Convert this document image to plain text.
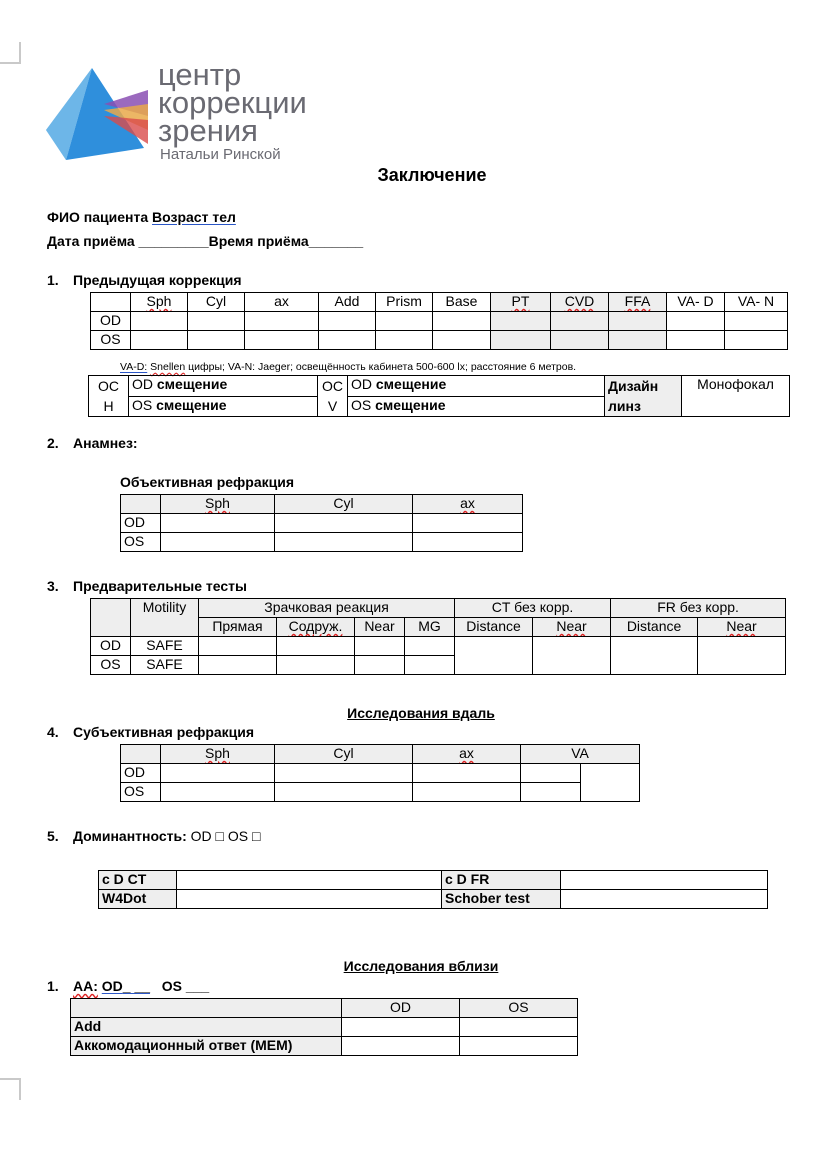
центр
коррекции
зрения
Натальи Ринской
Заключение
ФИО пациента Возраст тел
Дата приёма _________Время приёма_______
1. Предыдущая коррекция
	Sph	Cyl	ax	Add	Prism	Base	PT	CVD	FFA	VA- D	VA- N
OD											
OS											
VA-D: Snellen цифры; VA-N: Jaeger; освещённость кабинета 500-600 lx; расстояние 6 метров.
ОС Н	OD смещение	ОС V	OD смещение	Дизайн линз	Монофокал
	OS смещение		OS смещение		
2. Анамнез:
Объективная рефракция
	Sph	Cyl	ax
OD			
OS			
3. Предварительные тесты
	Motility	Зрачковая реакция				CT без корр.		FR без корр.	
		Прямая	Содруж.	Near	MG	Distance	Near	Distance	Near
OD	SAFE								
OS	SAFE								
Исследования вдаль
4. Субъективная рефракция
	Sph	Cyl	ax	VA	
OD					
OS					
5. Доминантность: OD □ OS □
c D CT		c D FR	
W4Dot		Schober test	
Исследования вблизи
1. AA: OD_ __ OS ___
	OD	OS
Add		
Аккомодационный ответ (MEM)		
